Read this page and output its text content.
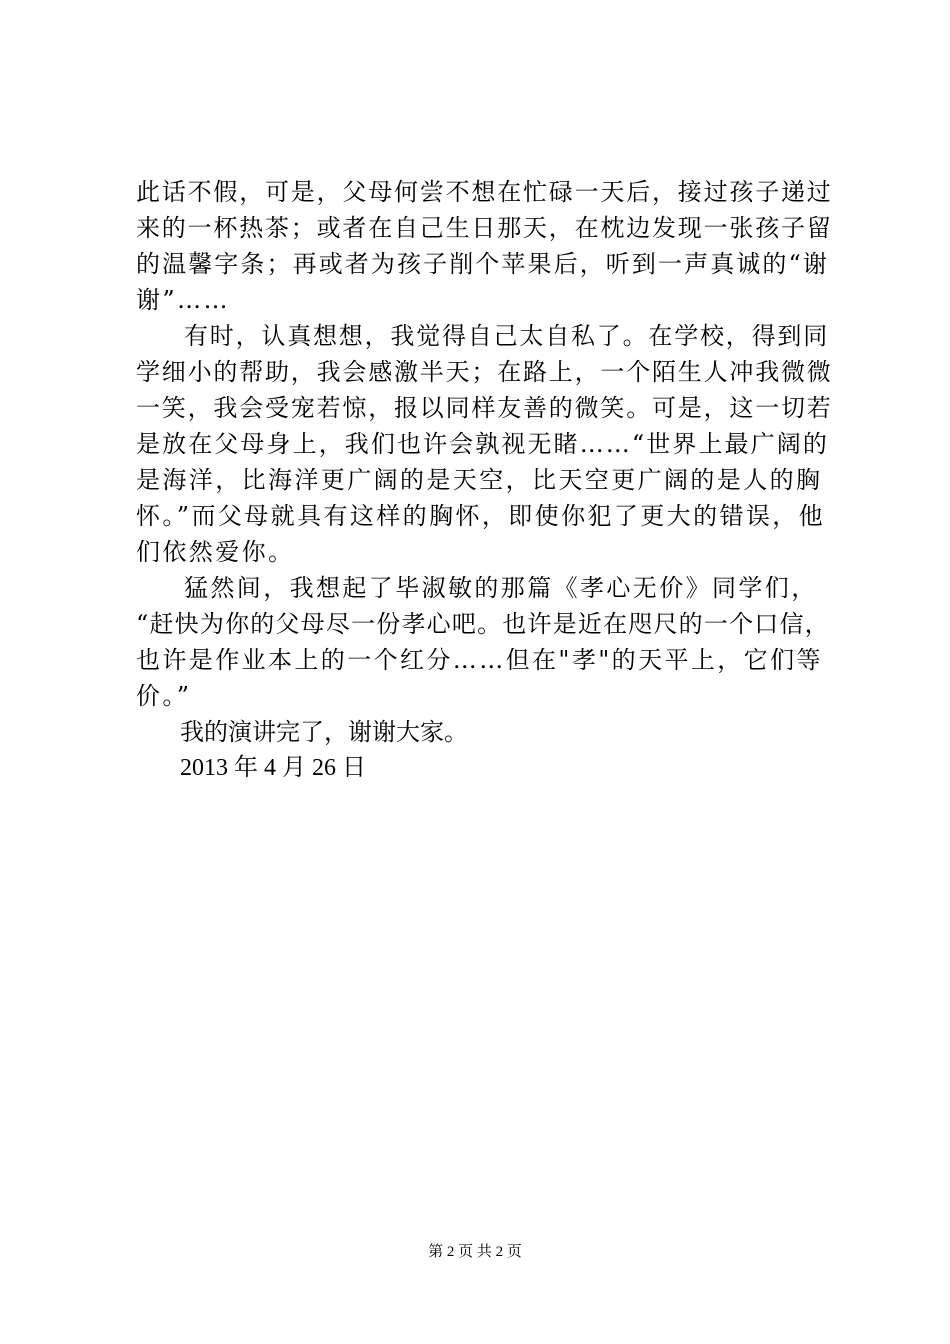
此话不假，可是，父母何尝不想在忙碌一天后，接过孩子递过
来的一杯热茶；或者在自己生日那天，在枕边发现一张孩子留
的温馨字条；再或者为孩子削个苹果后，听到一声真诚的“谢
谢”……
有时，认真想想，我觉得自己太自私了。在学校，得到同
学细小的帮助，我会感激半天；在路上，一个陌生人冲我微微
一笑，我会受宠若惊，报以同样友善的微笑。可是，这一切若
是放在父母身上，我们也许会孰视无睹……“世界上最广阔的
是海洋，比海洋更广阔的是天空，比天空更广阔的是人的胸
怀。”而父母就具有这样的胸怀，即使你犯了更大的错误，他
们依然爱你。
猛然间，我想起了毕淑敏的那篇《孝心无价》同学们，
“赶快为你的父母尽一份孝心吧。也许是近在咫尺的一个口信，
也许是作业本上的一个红分……但在"孝"的天平上，它们等
价。”
我的演讲完了，谢谢大家。
2013 年 4 月 26 日
第 2 页 共 2 页
